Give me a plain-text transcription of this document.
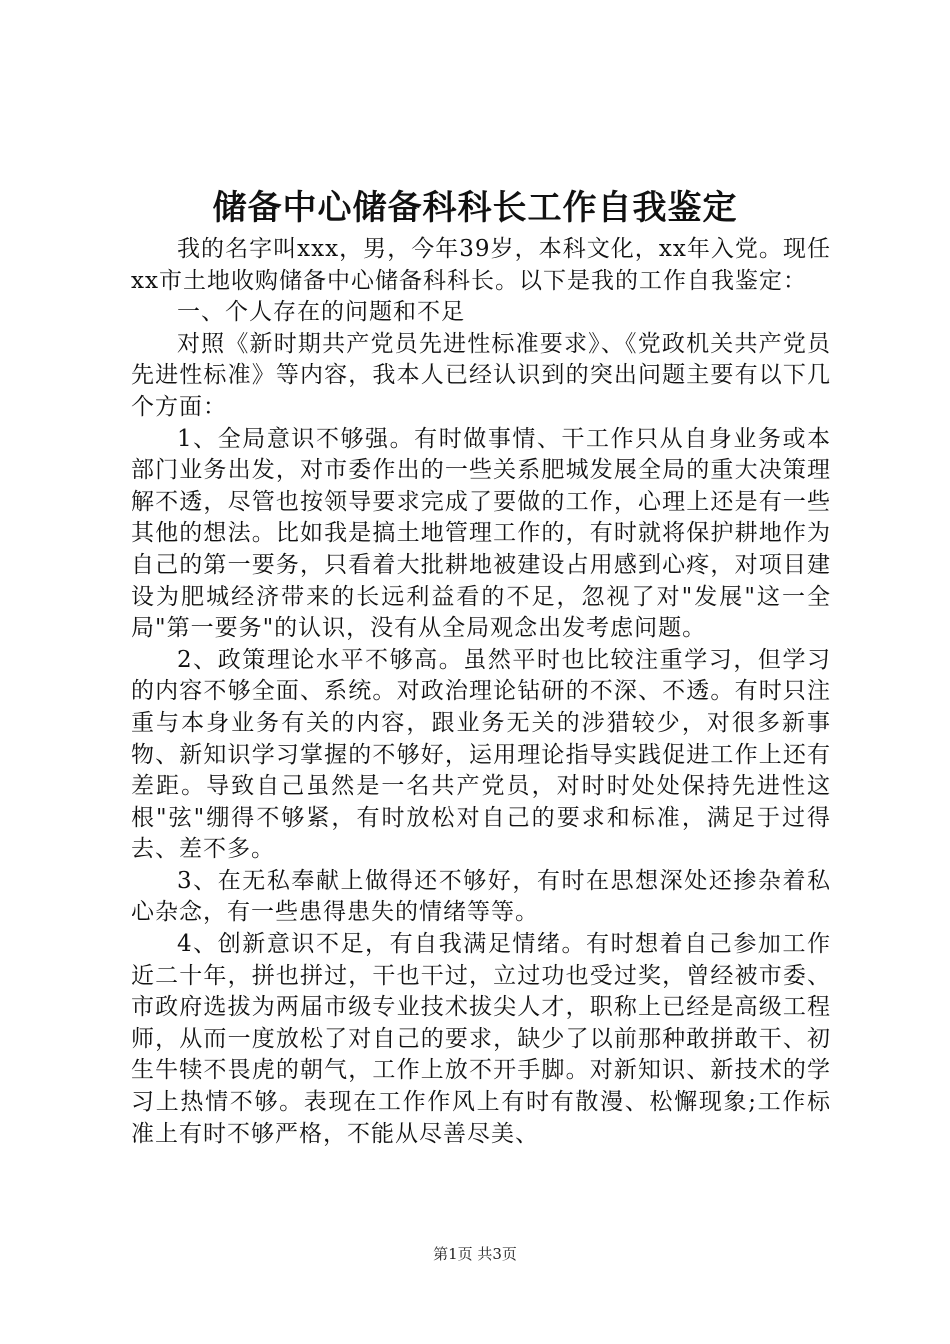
储备中心储备科科长工作自我鉴定

我的名字叫xxx，男，今年39岁，本科文化，xx年入党。现任xx市土地收购储备中心储备科科长。以下是我的工作自我鉴定：

一、个人存在的问题和不足

对照《新时期共产党员先进性标准要求》、《党政机关共产党员先进性标准》等内容，我本人已经认识到的突出问题主要有以下几个方面：

1、全局意识不够强。有时做事情、干工作只从自身业务或本部门业务出发，对市委作出的一些关系肥城发展全局的重大决策理解不透，尽管也按领导要求完成了要做的工作，心理上还是有一些其他的想法。比如我是搞土地管理工作的，有时就将保护耕地作为自己的第一要务，只看着大批耕地被建设占用感到心疼，对项目建设为肥城经济带来的长远利益看的不足，忽视了对"发展"这一全局"第一要务"的认识，没有从全局观念出发考虑问题。

2、政策理论水平不够高。虽然平时也比较注重学习，但学习的内容不够全面、系统。对政治理论钻研的不深、不透。有时只注重与本身业务有关的内容，跟业务无关的涉猎较少，对很多新事物、新知识学习掌握的不够好，运用理论指导实践促进工作上还有差距。导致自己虽然是一名共产党员，对时时处处保持先进性这根"弦"绷得不够紧，有时放松对自己的要求和标准，满足于过得去、差不多。

3、在无私奉献上做得还不够好，有时在思想深处还掺杂着私心杂念，有一些患得患失的情绪等等。

4、创新意识不足，有自我满足情绪。有时想着自己参加工作近二十年，拼也拼过，干也干过，立过功也受过奖，曾经被市委、市政府选拔为两届市级专业技术拔尖人才，职称上已经是高级工程师，从而一度放松了对自己的要求，缺少了以前那种敢拼敢干、初生牛犊不畏虎的朝气，工作上放不开手脚。对新知识、新技术的学习上热情不够。表现在工作作风上有时有散漫、松懈现象;工作标准上有时不够严格，不能从尽善尽美、

第1页 共3页
